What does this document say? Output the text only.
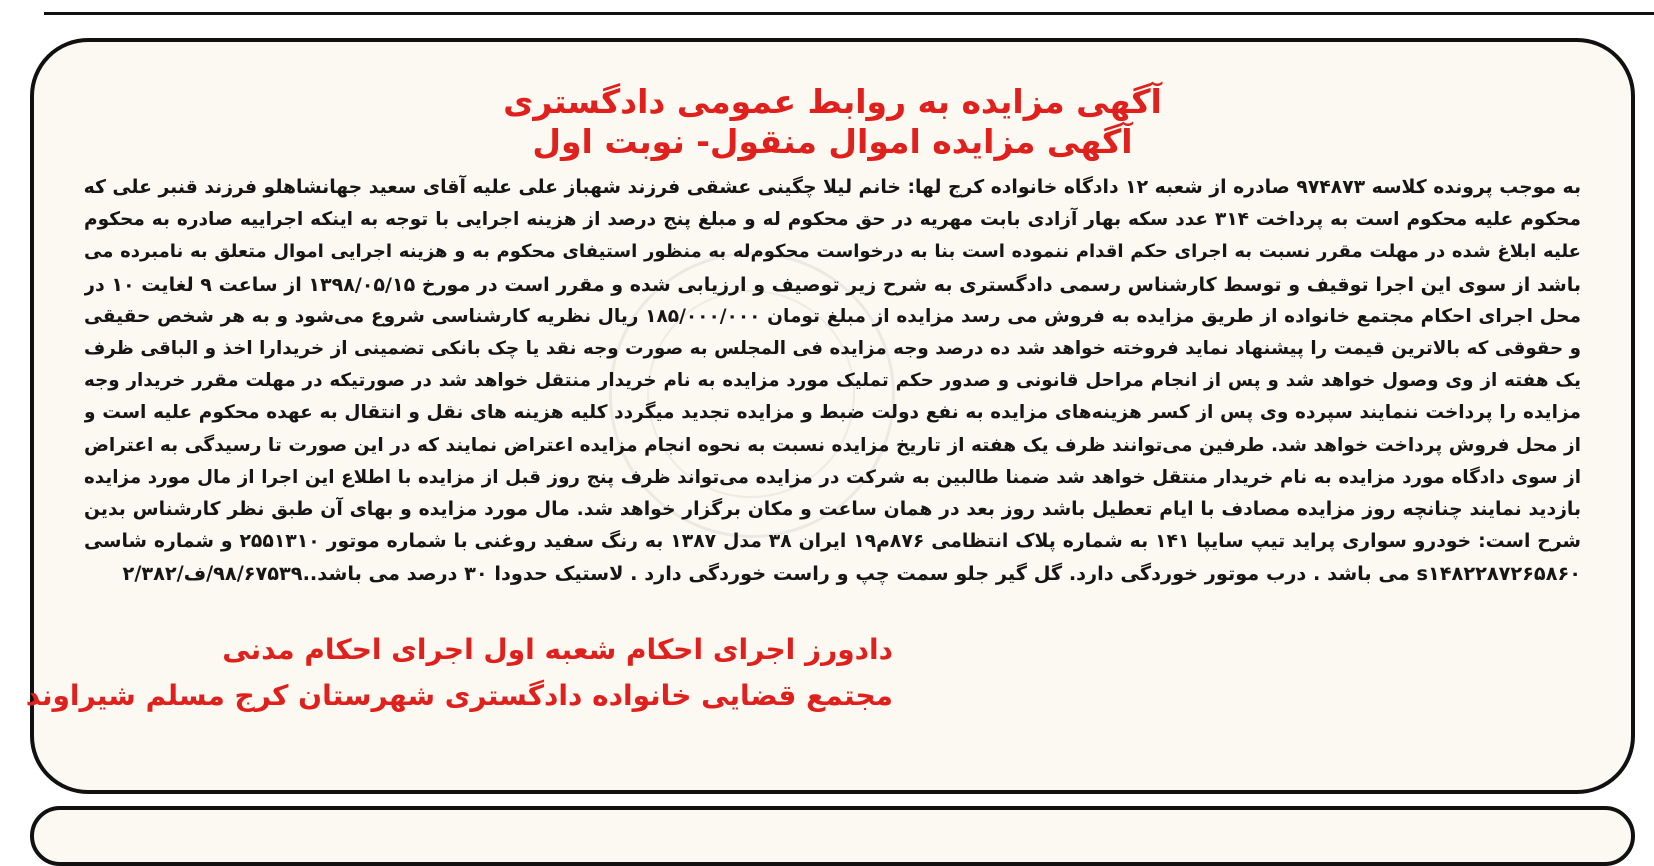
آگهی مزایده به روابط عمومی دادگستری
آگهی مزایده اموال منقول- نوبت اول
به موجب پرونده کلاسه ۹۷۴۸۷۳ صادره از شعبه ۱۲ دادگاه خانواده کرج لها: خانم لیلا چگینی عشقی فرزند شهباز علی علیه آقای سعید جهانشاهلو فرزند قنبر علی که
محکوم علیه محکوم است به پرداخت ۳۱۴ عدد سکه بهار آزادی بابت مهریه در حق محکوم له و مبلغ پنج درصد از هزینه اجرایی با توجه به اینکه اجراییه صادره به محکوم
علیه ابلاغ شده در مهلت مقرر نسبت به اجرای حکم اقدام ننموده است بنا به درخواست محکوم‌له به منظور استیفای محکوم به و هزینه اجرایی اموال متعلق به نامبرده می
باشد از سوی این اجرا توقیف و توسط کارشناس رسمی دادگستری به شرح زیر توصیف و ارزیابی شده و مقرر است در مورخ ۱۳۹۸/۰۵/۱۵ از ساعت ۹ لغایت ۱۰ در
محل اجرای احکام مجتمع خانواده از طریق مزایده به فروش می رسد مزایده از مبلغ تومان ۱۸۵/۰۰۰/۰۰۰ ریال نظریه کارشناسی شروع می‌شود و به هر شخص حقیقی
و حقوقی که بالاترین قیمت را پیشنهاد نماید فروخته خواهد شد ده درصد وجه مزایده فی المجلس به صورت وجه نقد یا چک بانکی تضمینی از خریدارا اخذ و الباقی ظرف
یک هفته از وی وصول خواهد شد و پس از انجام مراحل قانونی و صدور حکم تملیک مورد مزایده به نام خریدار منتقل خواهد شد در صورتیکه در مهلت مقرر خریدار وجه
مزایده را پرداخت ننمایند سپرده وی پس از کسر هزینه‌های مزایده به نفع دولت ضبط و مزایده تجدید میگردد کلیه هزینه های نقل و انتقال به عهده محکوم علیه است و
از محل فروش پرداخت خواهد شد. طرفین می‌توانند ظرف یک هفته از تاریخ مزایده نسبت به نحوه انجام مزایده اعتراض نمایند که در این صورت تا رسیدگی به اعتراض
از سوی دادگاه مورد مزایده به نام خریدار منتقل خواهد شد ضمنا طالبین به شرکت در مزایده می‌تواند ظرف پنج روز قبل از مزایده با اطلاع این اجرا از مال مورد مزایده
بازدید نمایند چنانچه روز مزایده مصادف با ایام تعطیل باشد روز بعد در همان ساعت و مکان برگزار خواهد شد. مال مورد مزایده و بهای آن طبق نظر کارشناس بدین
شرح است: خودرو سواری پراید تیپ سایپا ۱۴۱ به شماره پلاک انتظامی ۸۷۶م۱۹ ایران ۳۸ مدل ۱۳۸۷ به رنگ سفید روغنی با شماره موتور ۲۵۵۱۳۱۰ و شماره شاسی
s۱۴۸۲۲۸۷۲۶۵۸۶۰ می باشد . درب موتور خوردگی دارد. گل گیر جلو سمت چپ و راست خوردگی دارد . لاستیک حدودا ۳۰ درصد می باشد..۹۸/۶۷۵۳۹/ف/۲/۳۸۲
دادورز اجرای احکام شعبه اول اجرای احکام مدنی
مجتمع قضایی خانواده دادگستری شهرستان کرج مسلم شیراوند
